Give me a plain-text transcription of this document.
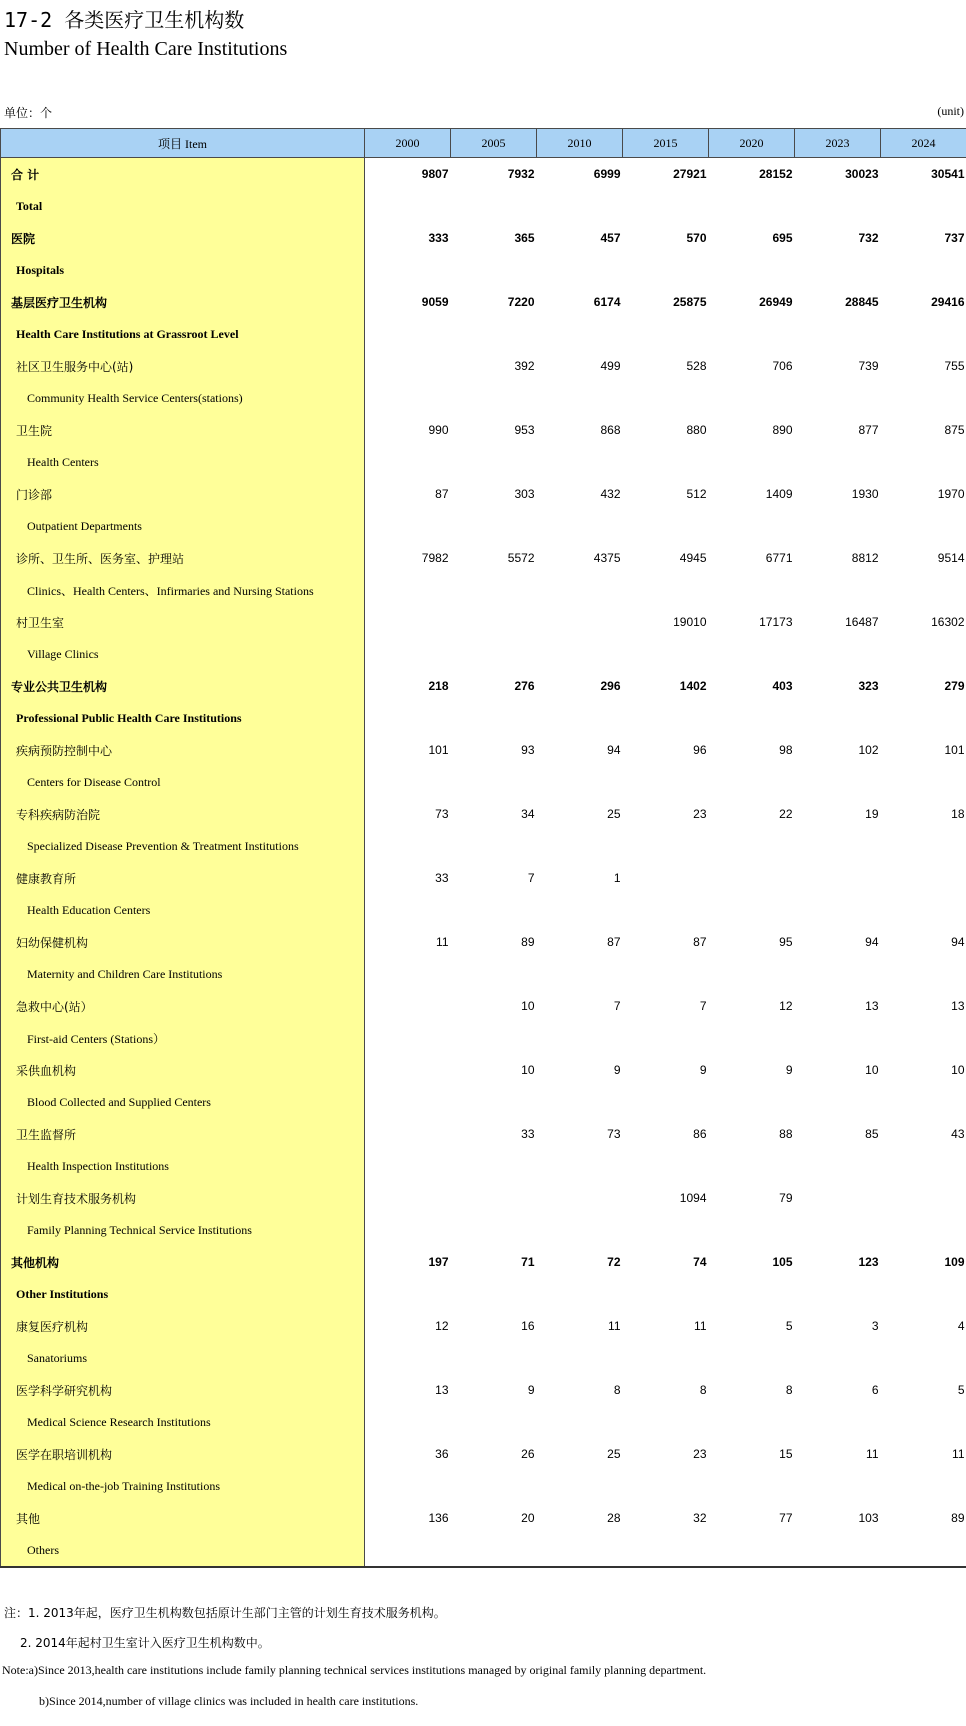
17-2 各类医疗卫生机构数
Number of Health Care Institutions
单位：个	(unit)
项目 Item	2000	2005	2010	2015	2020	2023	2024
合 计	9807	7932	6999	27921	28152	30023	30541
Total							
医院	333	365	457	570	695	732	737
Hospitals							
基层医疗卫生机构	9059	7220	6174	25875	26949	28845	29416
Health Care Institutions at Grassroot Level							
社区卫生服务中心(站)		392	499	528	706	739	755
Community Health Service Centers(stations)							
卫生院	990	953	868	880	890	877	875
Health Centers							
门诊部	87	303	432	512	1409	1930	1970
Outpatient Departments							
诊所、卫生所、医务室、护理站	7982	5572	4375	4945	6771	8812	9514
Clinics、Health Centers、Infirmaries and Nursing Stations							
村卫生室				19010	17173	16487	16302
Village Clinics							
专业公共卫生机构	218	276	296	1402	403	323	279
Professional Public Health Care Institutions							
疾病预防控制中心	101	93	94	96	98	102	101
Centers for Disease Control							
专科疾病防治院	73	34	25	23	22	19	18
Specialized Disease Prevention & Treatment Institutions							
健康教育所	33	7	1				
Health Education Centers							
妇幼保健机构	11	89	87	87	95	94	94
Maternity and Children Care Institutions							
急救中心(站）		10	7	7	12	13	13
First-aid Centers (Stations）							
采供血机构		10	9	9	9	10	10
Blood Collected and Supplied Centers							
卫生监督所		33	73	86	88	85	43
Health Inspection Institutions							
计划生育技术服务机构				1094	79		
Family Planning Technical Service Institutions							
其他机构	197	71	72	74	105	123	109
Other Institutions							
康复医疗机构	12	16	11	11	5	3	4
Sanatoriums							
医学科学研究机构	13	9	8	8	8	6	5
Medical Science Research Institutions							
医学在职培训机构	36	26	25	23	15	11	11
Medical on-the-job Training Institutions							
其他	136	20	28	32	77	103	89
Others							
注：1. 2013年起，医疗卫生机构数包括原计生部门主管的计划生育技术服务机构。
2. 2014年起村卫生室计入医疗卫生机构数中。
Note:a)Since 2013,health care institutions include family planning technical services institutions managed by original family planning department.
b)Since 2014,number of village clinics was included in health care institutions.
